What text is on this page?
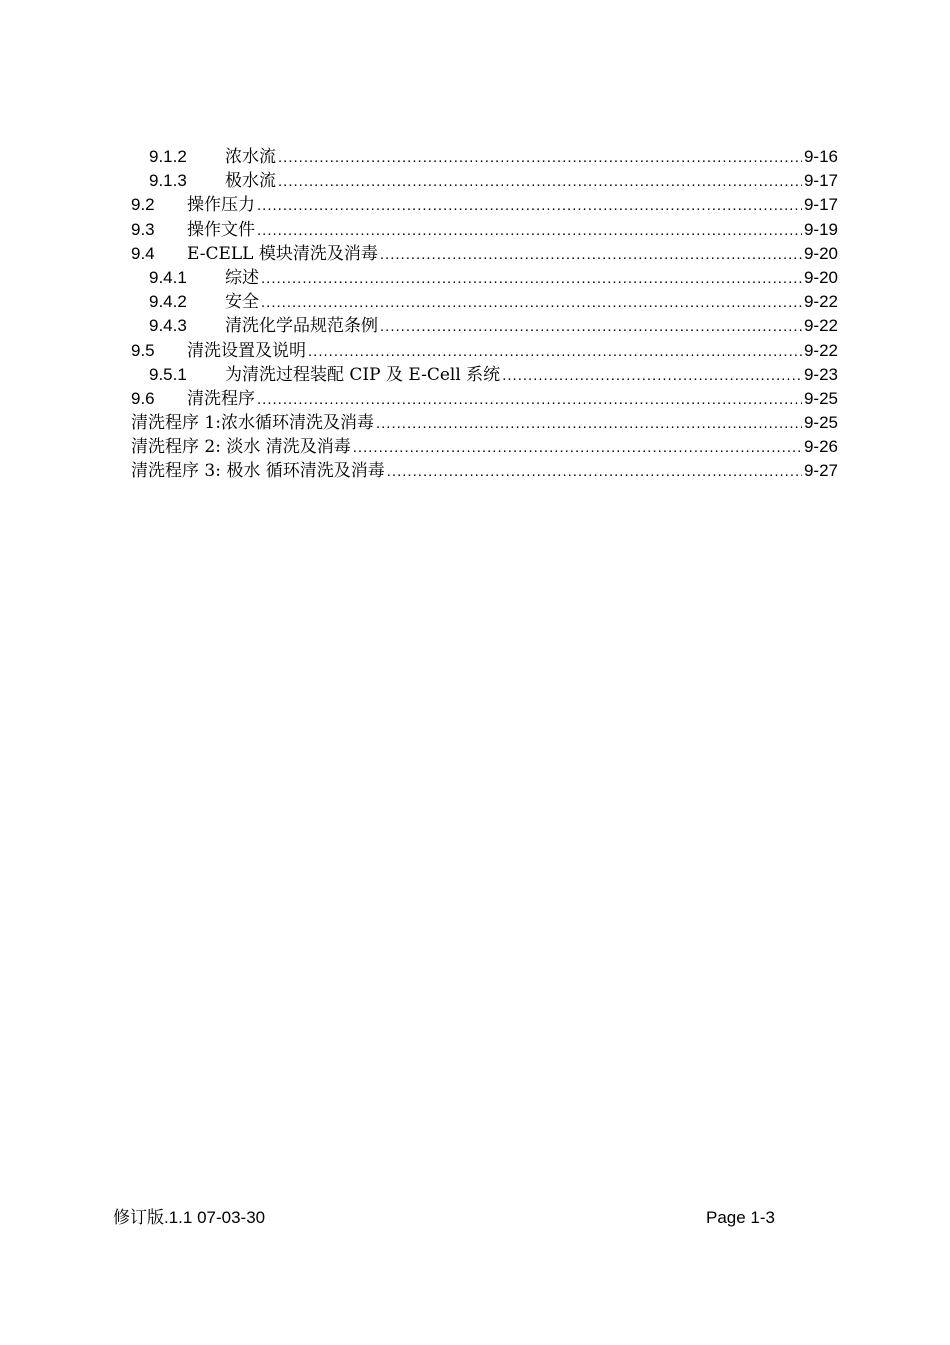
9.1.2	浓水流 .....	9-16
9.1.3	极水流 .....	9-17
9.2	操作压力 .....	9-17
9.3	操作文件 .....	9-19
9.4	E-CELL 模块清洗及消毒 .....	9-20
9.4.1	综述 .....	9-20
9.4.2	安全 .....	9-22
9.4.3	清洗化学品规范条例 .....	9-22
9.5	清洗设置及说明 .....	9-22
9.5.1	为清洗过程装配 CIP 及 E-Cell 系统 .....	9-23
9.6	清洗程序 .....	9-25
清洗程序 1:浓水循环清洗及消毒 .....	9-25
清洗程序 2: 淡水 清洗及消毒 .....	9-26
清洗程序 3: 极水 循环清洗及消毒 .....	9-27
修订版.1.1 07-03-30	Page 1-3
